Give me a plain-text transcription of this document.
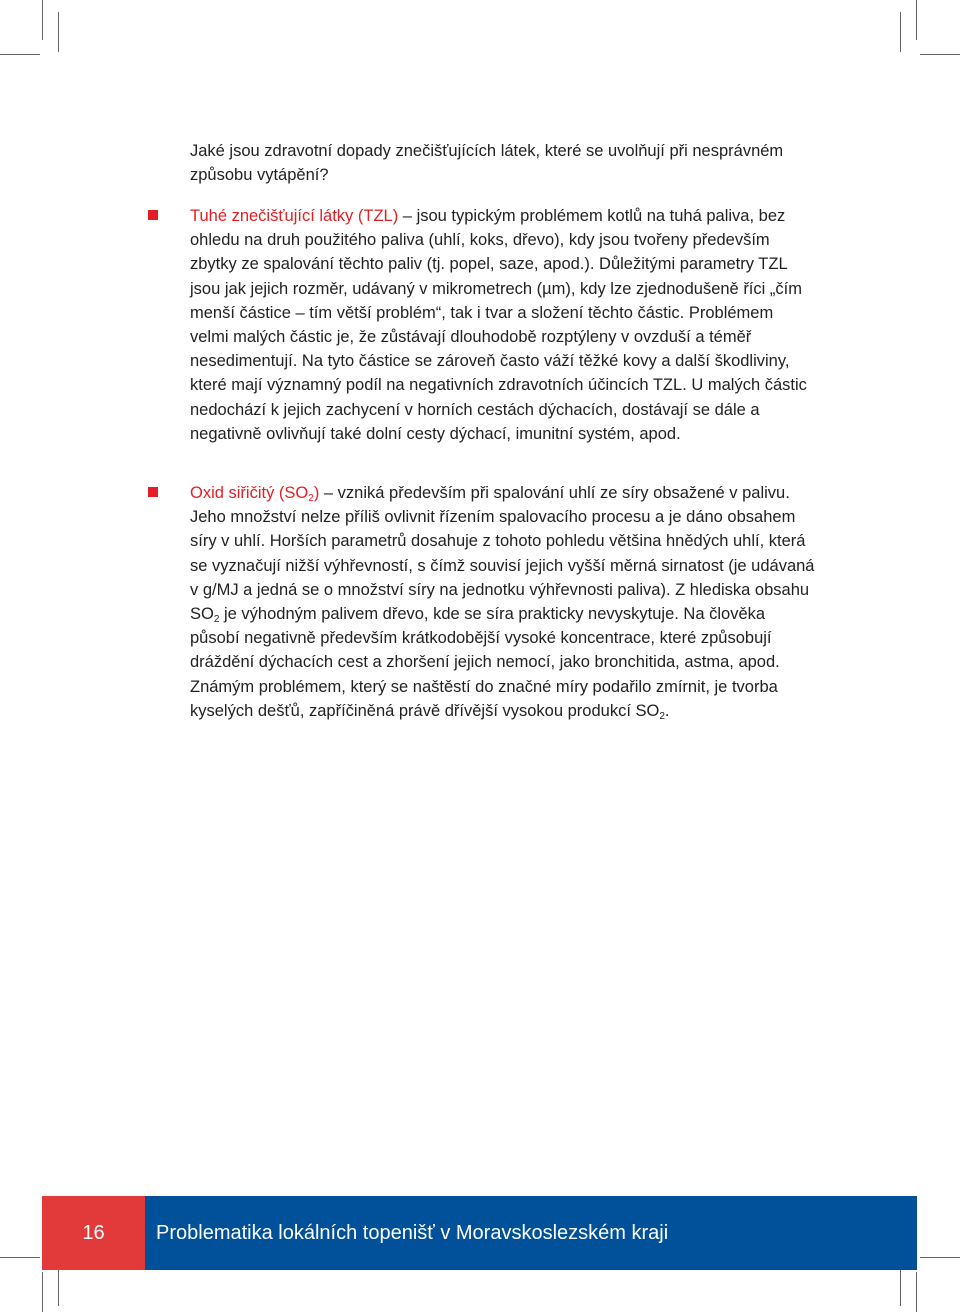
Jaké jsou zdravotní dopady znečišťujících látek, které se uvolňují při nesprávném způsobu vytápění?

Tuhé znečišťující látky (TZL) – jsou typickým problémem kotlů na tuhá paliva, bez ohledu na druh použitého paliva (uhlí, koks, dřevo), kdy jsou tvořeny především zbytky ze spalování těchto paliv (tj. popel, saze, apod.). Důležitými parametry TZL jsou jak jejich rozměr, udávaný v mikrometrech (µm), kdy lze zjednodušeně říci „čím menší částice – tím větší problém“, tak i tvar a složení těchto částic. Problémem velmi malých částic je, že zůstávají dlouhodobě rozptýleny v ovzduší a téměř nesedimentují. Na tyto částice se zároveň často váží těžké kovy a další škodliviny, které mají významný podíl na negativních zdravotních účincích TZL. U malých částic nedochází k jejich zachycení v horních cestách dýchacích, dostávají se dále a negativně ovlivňují také dolní cesty dýchací, imunitní systém, apod.

Oxid siřičitý $(SO_2)$ – vzniká především při spalování uhlí ze síry obsažené v palivu. Jeho množství nelze příliš ovlivnit řízením spalovacího procesu a je dáno obsahem síry v uhlí. Horších parametrů dosahuje z tohoto pohledu většina hnědých uhlí, která se vyznačují nižší výhřevností, s čímž souvisí jejich vyšší měrná sirnatost (je udávaná v g/MJ a jedná se o množství síry na jednotku výhřevnosti paliva). Z hlediska obsahu $SO_2$ je výhodným palivem dřevo, kde se síra prakticky nevyskytuje. Na člověka působí negativně především krátkodobější vysoké koncentrace, které způsobují dráždění dýchacích cest a zhoršení jejich nemocí, jako bronchitida, astma, apod. Známým problémem, který se naštěstí do značné míry podařilo zmírnit, je tvorba kyselých dešťů, zapříčiněná právě dřívější vysokou produkcí $SO_2$.

16	Problematika lokálních topenišť v Moravskoslezském kraji
